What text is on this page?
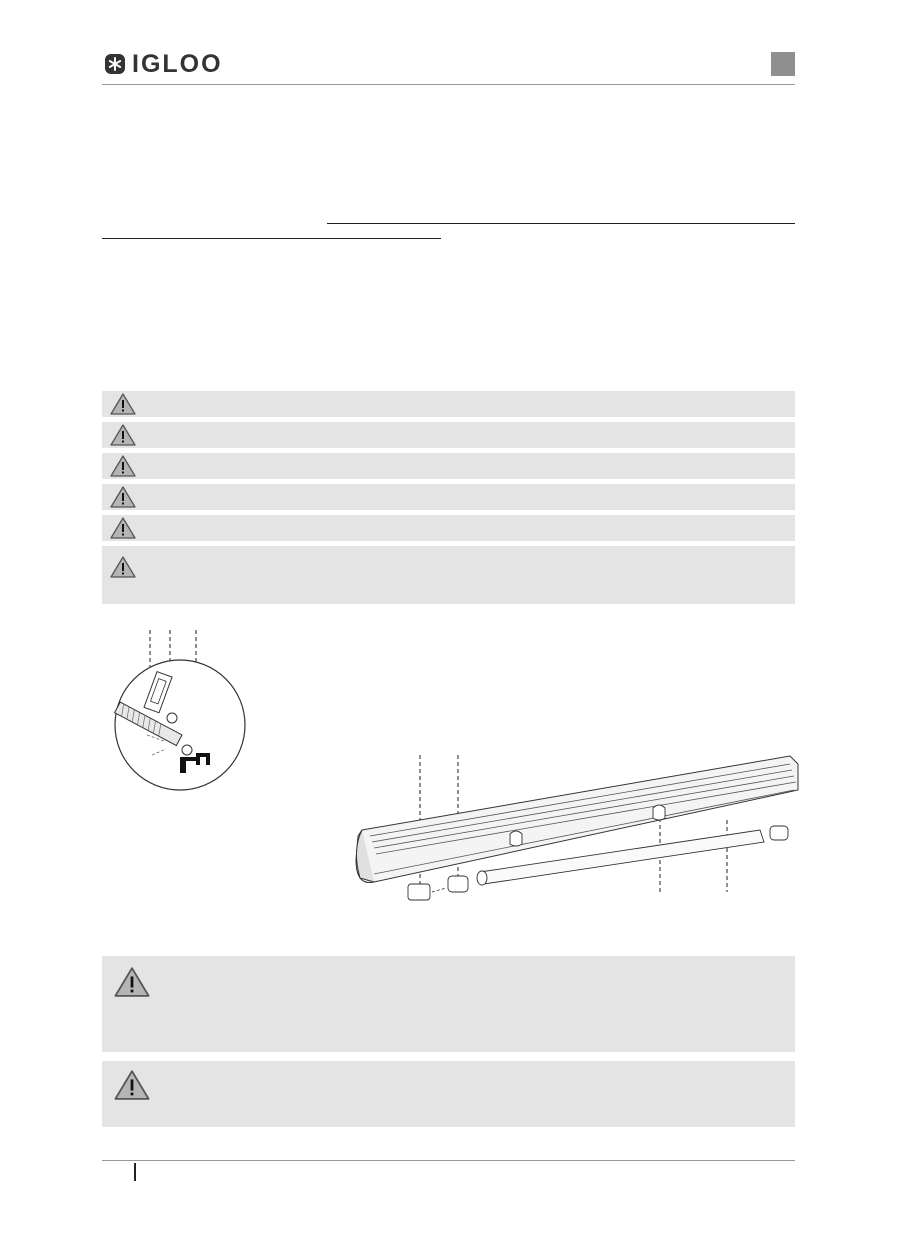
IGLOO
